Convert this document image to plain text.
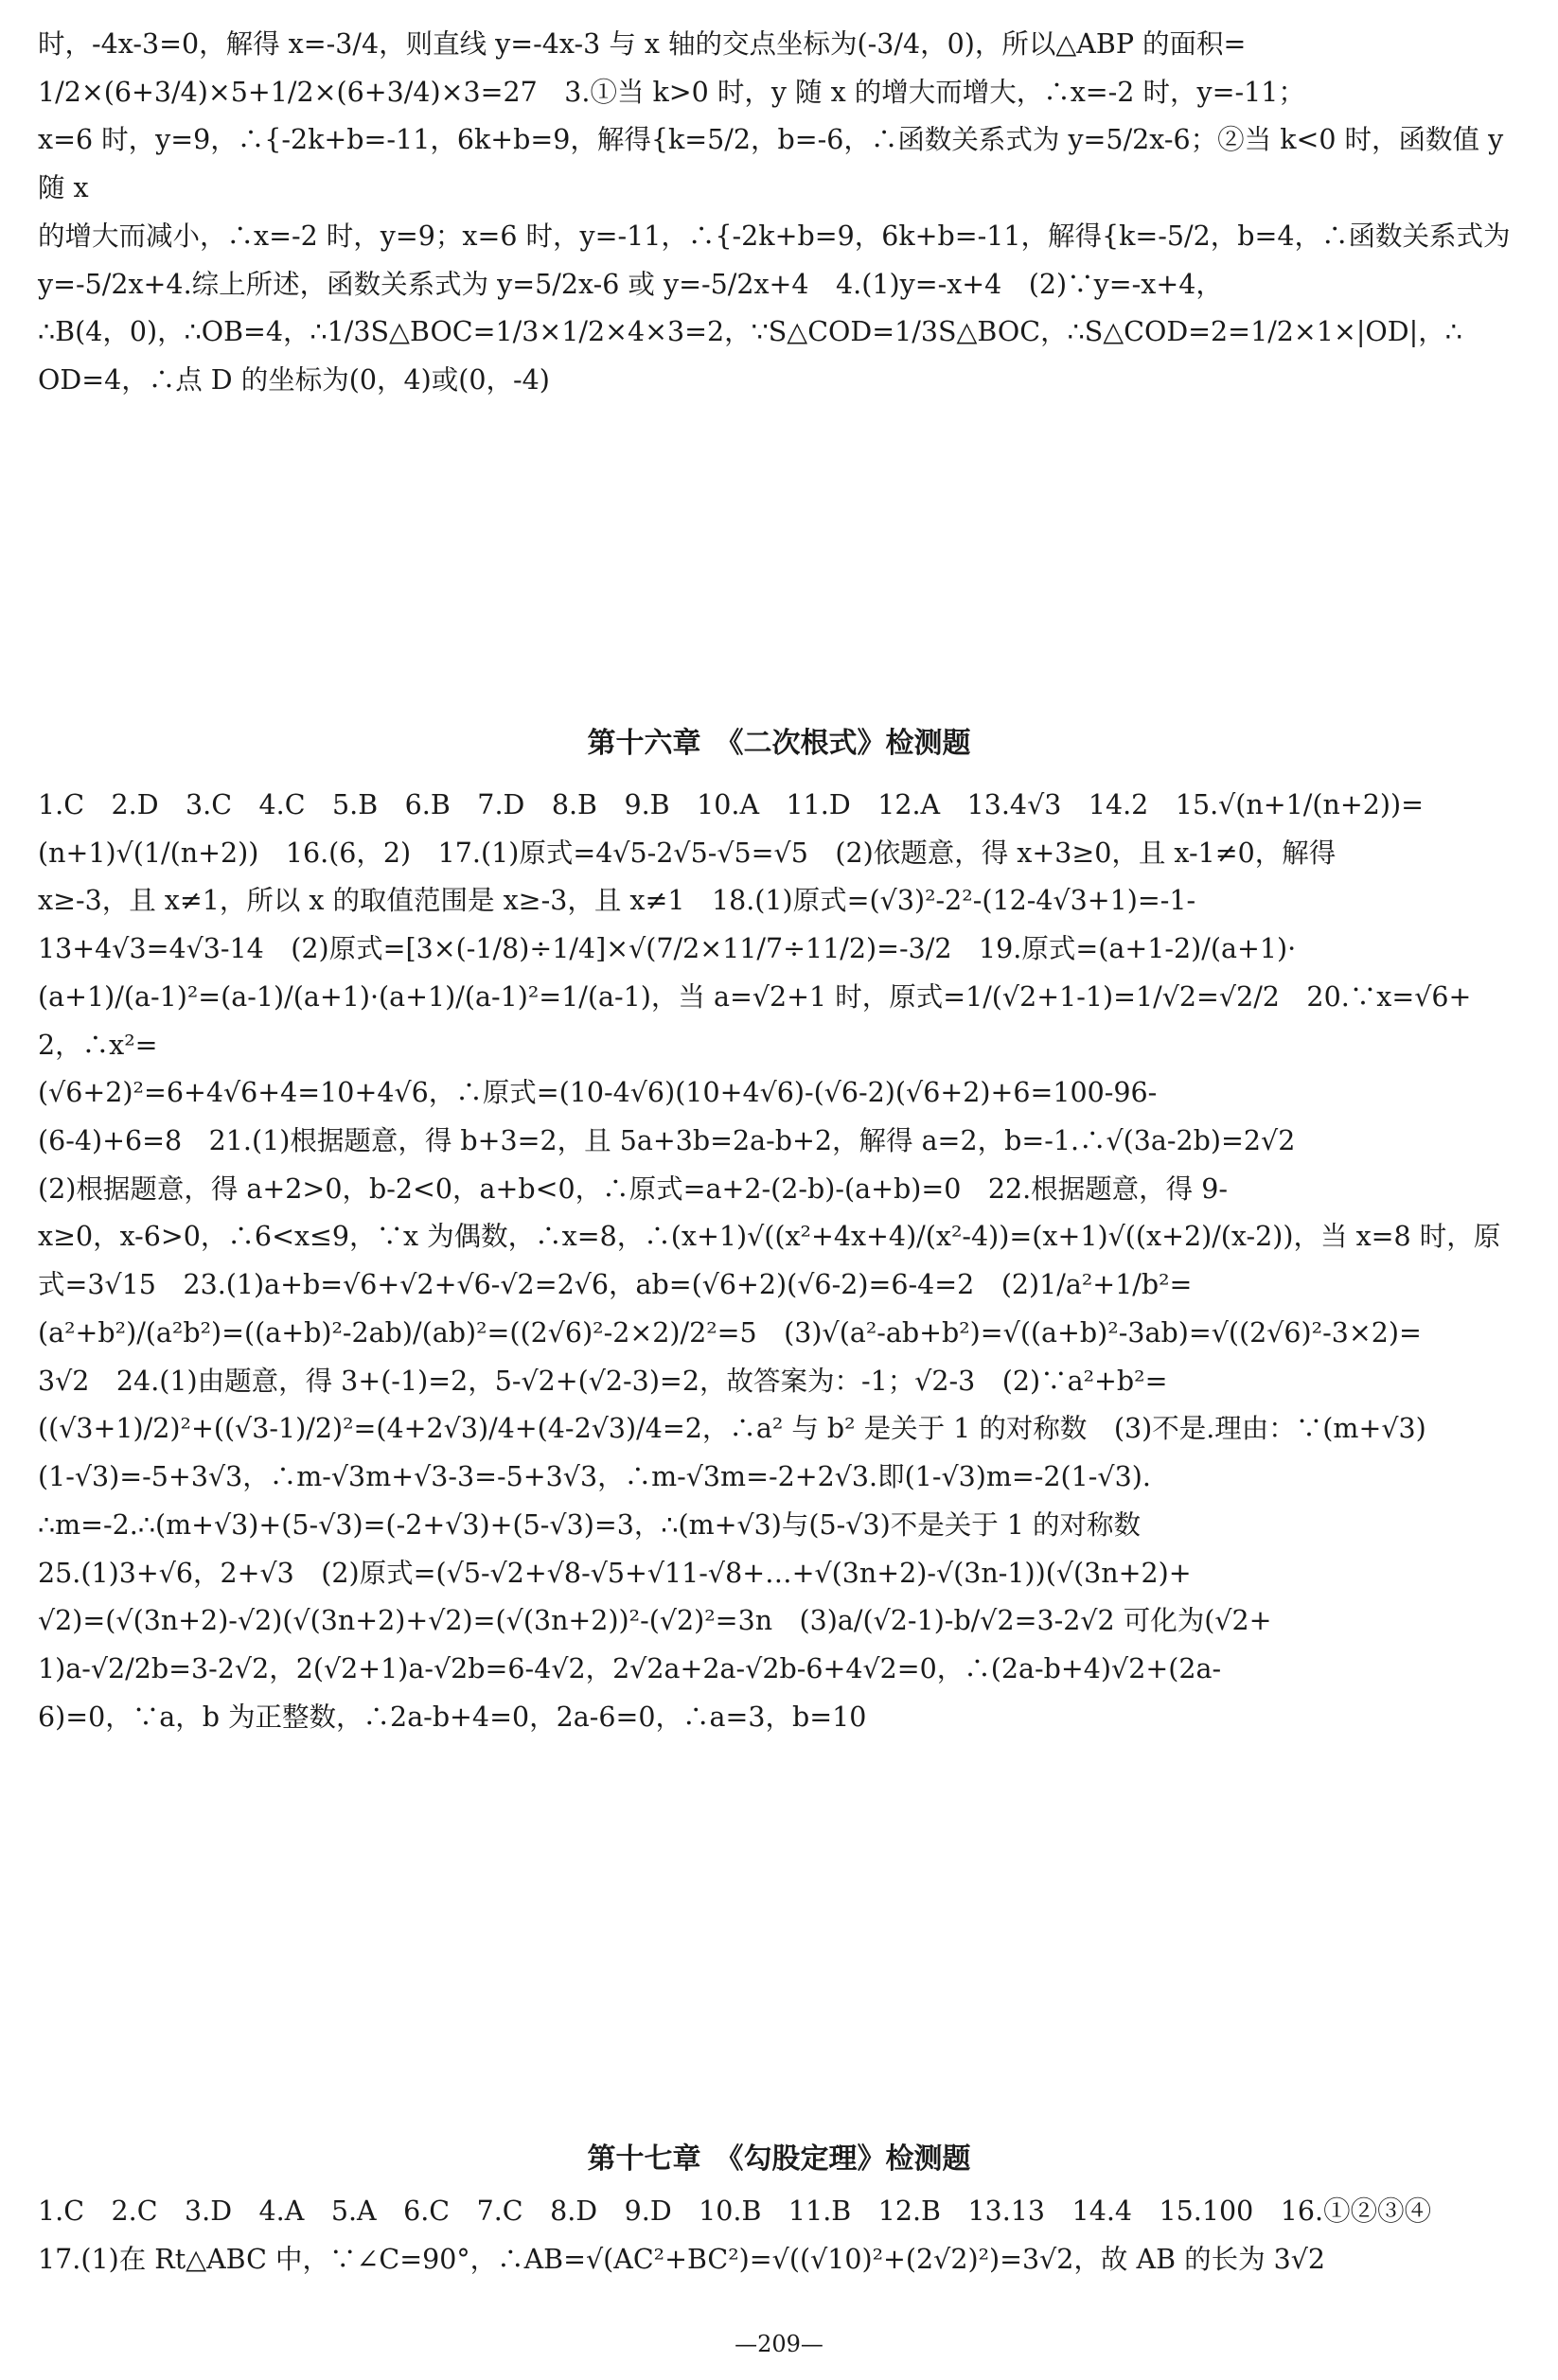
时，-4x-3=0，解得 x=-3/4，则直线 y=-4x-3 与 x 轴的交点坐标为(-3/4，0)，所以△ABP 的面积=

1/2×(6+3/4)×5+1/2×(6+3/4)×3=27　3.①当 k>0 时，y 随 x 的增大而增大，∴x=-2 时，y=-11；

x=6 时，y=9，∴{-2k+b=-11，6k+b=9，解得{k=5/2，b=-6，∴函数关系式为 y=5/2x-6；②当 k<0 时，函数值 y 随 x

的增大而减小，∴x=-2 时，y=9；x=6 时，y=-11，∴{-2k+b=9，6k+b=-11，解得{k=-5/2，b=4，∴函数关系式为

y=-5/2x+4.综上所述，函数关系式为 y=5/2x-6 或 y=-5/2x+4　4.(1)y=-x+4　(2)∵y=-x+4，

∴B(4，0)，∴OB=4，∴1/3S△BOC=1/3×1/2×4×3=2，∵S△COD=1/3S△BOC，∴S△COD=2=1/2×1×|OD|，∴

OD=4，∴点 D 的坐标为(0，4)或(0，-4)

第十六章　《二次根式》检测题

1.C　2.D　3.C　4.C　5.B　6.B　7.D　8.B　9.B　10.A　11.D　12.A　13.4√3　14.2　15.√(n+1/(n+2))=

(n+1)√(1/(n+2))　16.(6，2)　17.(1)原式=4√5-2√5-√5=√5　(2)依题意，得 x+3≥0，且 x-1≠0，解得

x≥-3，且 x≠1，所以 x 的取值范围是 x≥-3，且 x≠1　18.(1)原式=(√3)²-2²-(12-4√3+1)=-1-

13+4√3=4√3-14　(2)原式=[3×(-1/8)÷1/4]×√(7/2×11/7÷11/2)=-3/2　19.原式=(a+1-2)/(a+1)·

(a+1)/(a-1)²=(a-1)/(a+1)·(a+1)/(a-1)²=1/(a-1)，当 a=√2+1 时，原式=1/(√2+1-1)=1/√2=√2/2　20.∵x=√6+2，∴x²=

(√6+2)²=6+4√6+4=10+4√6，∴原式=(10-4√6)(10+4√6)-(√6-2)(√6+2)+6=100-96-

(6-4)+6=8　21.(1)根据题意，得 b+3=2，且 5a+3b=2a-b+2，解得 a=2，b=-1.∴√(3a-2b)=2√2

(2)根据题意，得 a+2>0，b-2<0，a+b<0，∴原式=a+2-(2-b)-(a+b)=0　22.根据题意，得 9-

x≥0，x-6>0，∴6<x≤9，∵x 为偶数，∴x=8，∴(x+1)√((x²+4x+4)/(x²-4))=(x+1)√((x+2)/(x-2))，当 x=8 时，原

式=3√15　23.(1)a+b=√6+√2+√6-√2=2√6，ab=(√6+2)(√6-2)=6-4=2　(2)1/a²+1/b²=

(a²+b²)/(a²b²)=((a+b)²-2ab)/(ab)²=((2√6)²-2×2)/2²=5　(3)√(a²-ab+b²)=√((a+b)²-3ab)=√((2√6)²-3×2)=

3√2　24.(1)由题意，得 3+(-1)=2，5-√2+(√2-3)=2，故答案为：-1；√2-3　(2)∵a²+b²=

((√3+1)/2)²+((√3-1)/2)²=(4+2√3)/4+(4-2√3)/4=2，∴a² 与 b² 是关于 1 的对称数　(3)不是.理由：∵(m+√3)

(1-√3)=-5+3√3，∴m-√3m+√3-3=-5+3√3，∴m-√3m=-2+2√3.即(1-√3)m=-2(1-√3).

∴m=-2.∴(m+√3)+(5-√3)=(-2+√3)+(5-√3)=3，∴(m+√3)与(5-√3)不是关于 1 的对称数

25.(1)3+√6，2+√3　(2)原式=(√5-√2+√8-√5+√11-√8+…+√(3n+2)-√(3n-1))(√(3n+2)+

√2)=(√(3n+2)-√2)(√(3n+2)+√2)=(√(3n+2))²-(√2)²=3n　(3)a/(√2-1)-b/√2=3-2√2 可化为(√2+

1)a-√2/2b=3-2√2，2(√2+1)a-√2b=6-4√2，2√2a+2a-√2b-6+4√2=0，∴(2a-b+4)√2+(2a-

6)=0，∵a，b 为正整数，∴2a-b+4=0，2a-6=0，∴a=3，b=10

第十七章　《勾股定理》检测题

1.C　2.C　3.D　4.A　5.A　6.C　7.C　8.D　9.D　10.B　11.B　12.B　13.13　14.4　15.100　16.①②③④

17.(1)在 Rt△ABC 中，∵∠C=90°，∴AB=√(AC²+BC²)=√((√10)²+(2√2)²)=3√2，故 AB 的长为 3√2

—209—
